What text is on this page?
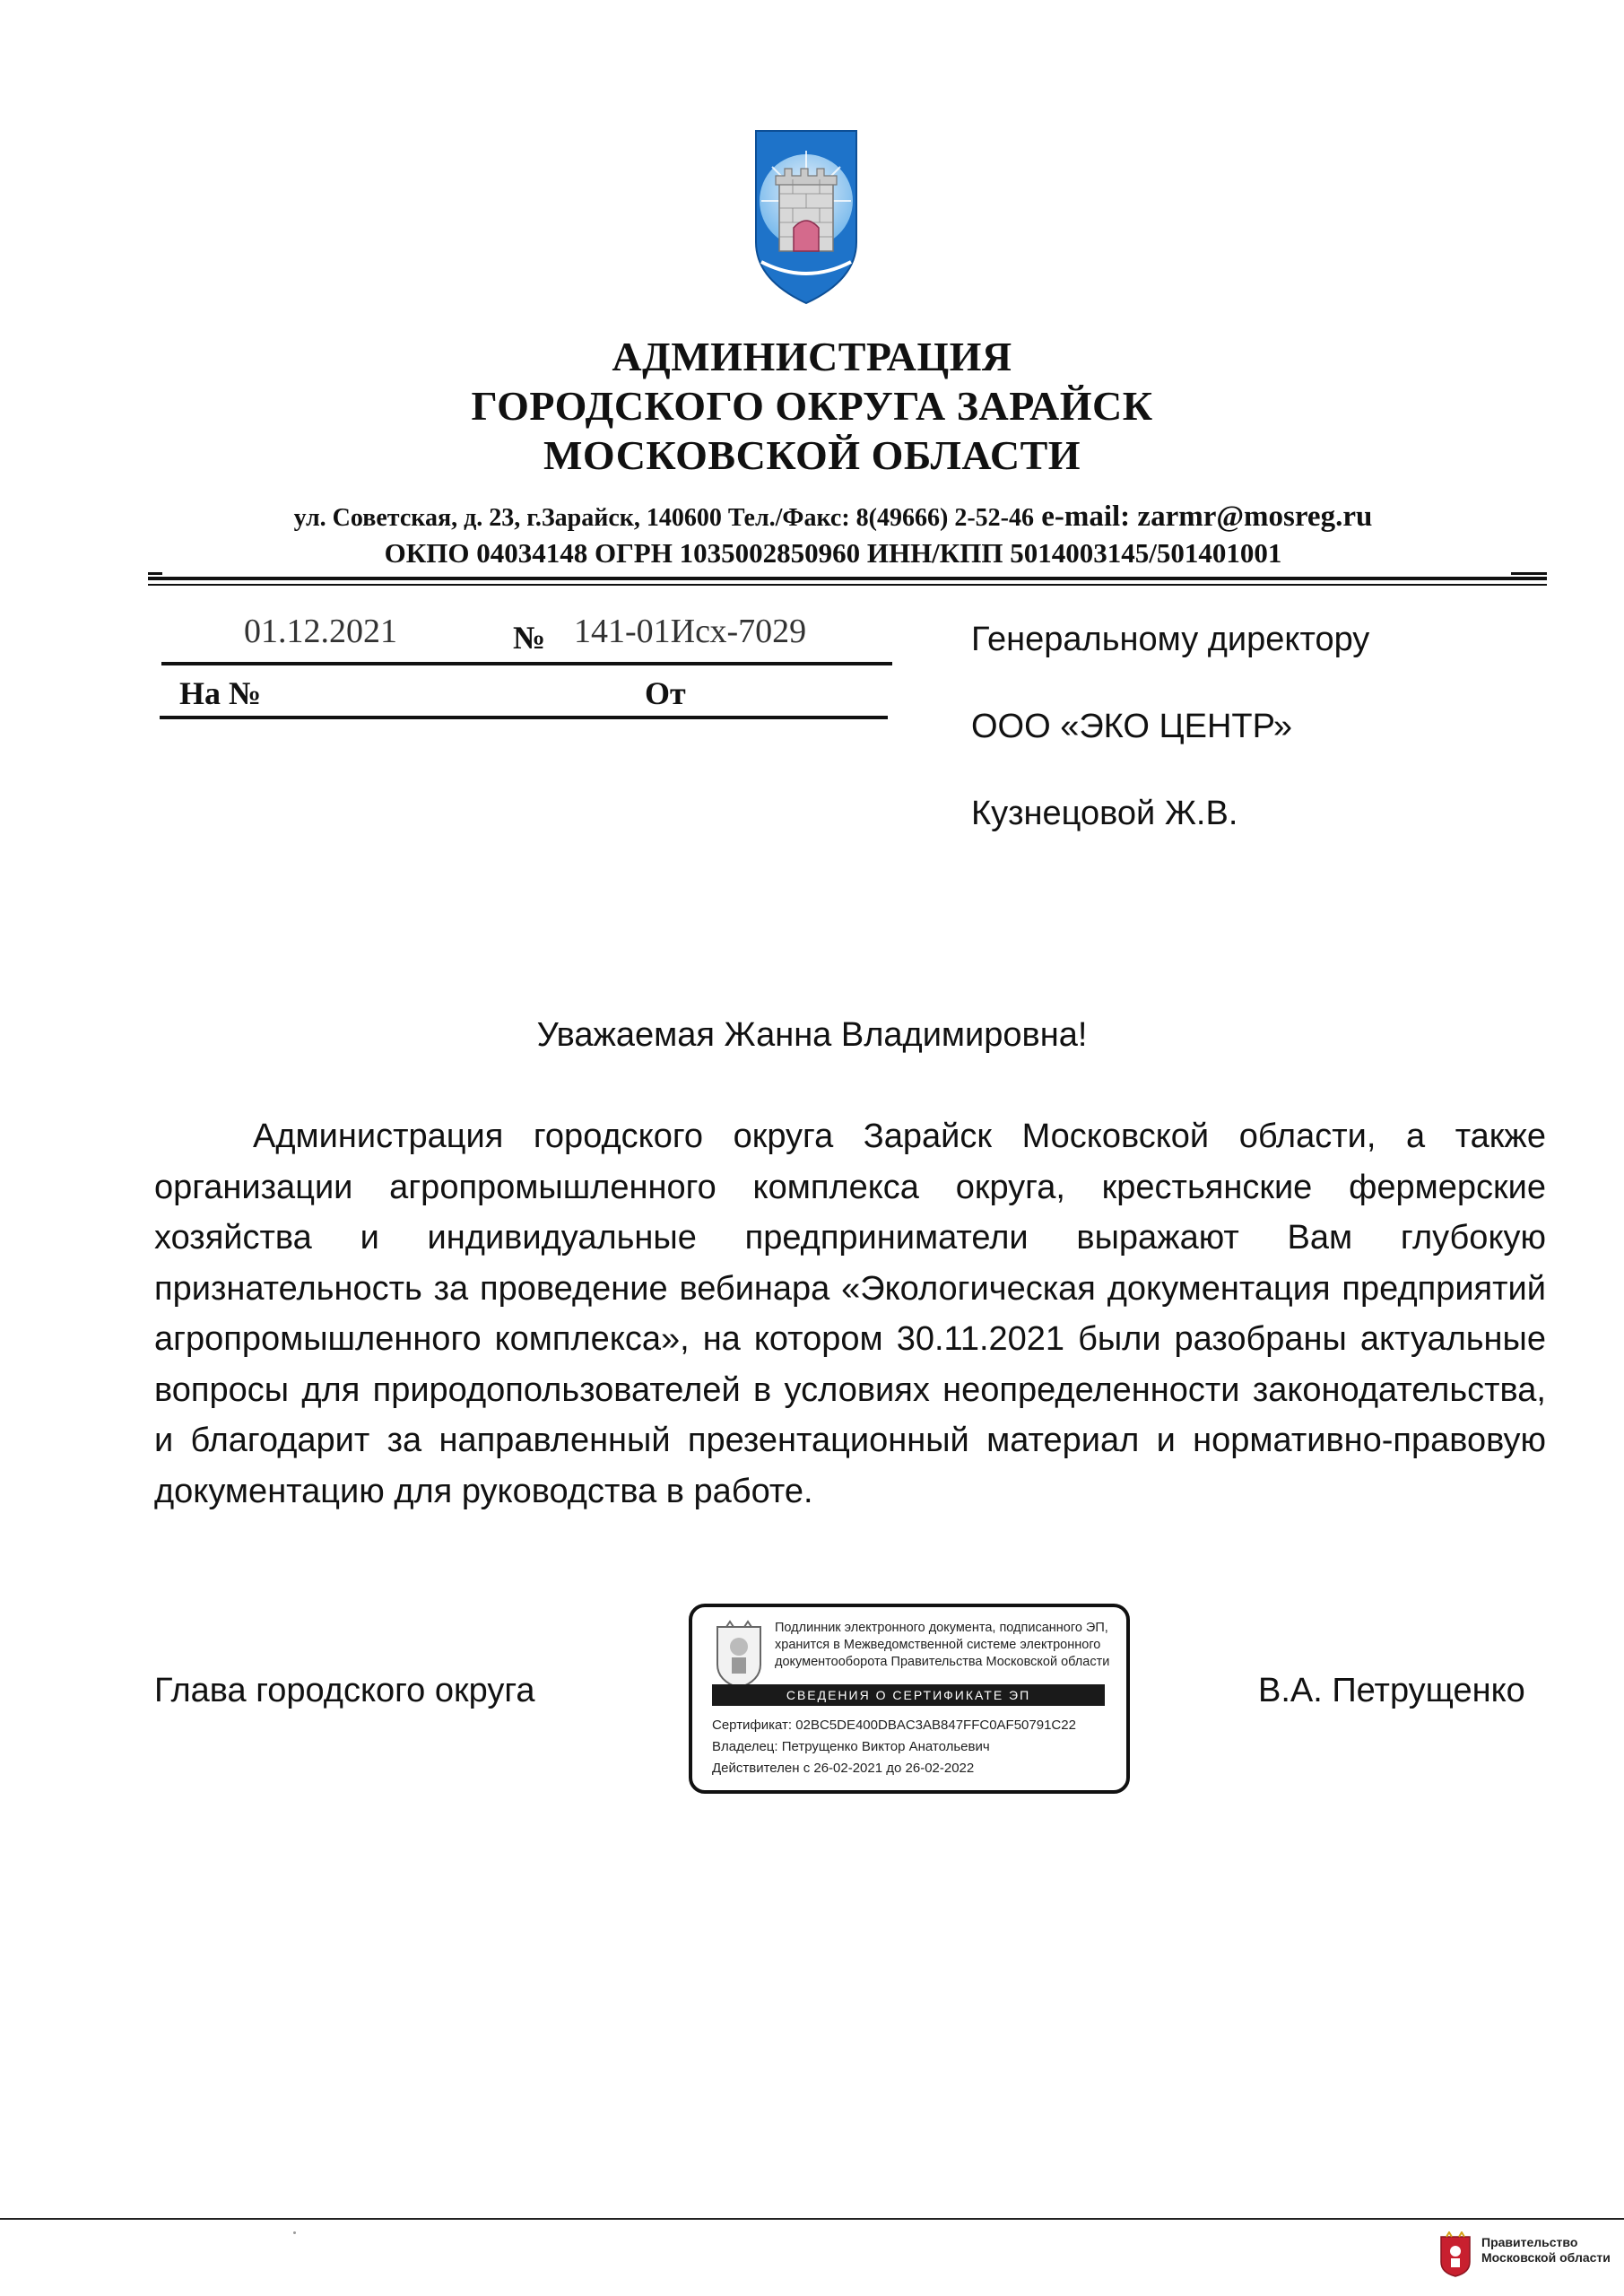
АДМИНИСТРАЦИЯ
ГОРОДСКОГО ОКРУГА ЗАРАЙСК
МОСКОВСКОЙ ОБЛАСТИ
ул. Советская, д. 23, г.Зарайск, 140600 Тел./Факс: 8(49666) 2-52-46 e-mail: zarmr@mosreg.ru
ОКПО 04034148 ОГРН 1035002850960 ИНН/КПП 5014003145/501401001
01.12.2021	№ 141-01Исх-7029
На №	От
Генеральному директору
ООО «ЭКО ЦЕНТР»
Кузнецовой Ж.В.
Уважаемая Жанна Владимировна!

Администрация городского округа Зарайск Московской области, а также организации агропромышленного комплекса округа, крестьянские фермерские хозяйства и индивидуальные предприниматели выражают Вам глубокую признательность за проведение вебинара «Экологическая документация предприятий агропромышленного комплекса», на котором 30.11.2021 были разобраны актуальные вопросы для природопользователей в условиях неопределенности законодательства, и благодарит за направленный презентационный материал и нормативно-правовую документацию для руководства в работе.

Глава городского округа	В.А. Петрущенко
Подлинник электронного документа, подписанного ЭП, хранится в Межведомственной системе электронного документооборота Правительства Московской области
СВЕДЕНИЯ О СЕРТИФИКАТЕ ЭП
Сертификат: 02BC5DE400DBAC3AB847FFC0AF50791C22
Владелец: Петрущенко Виктор Анатольевич
Действителен с 26-02-2021 до 26-02-2022
Правительство
Московской области
